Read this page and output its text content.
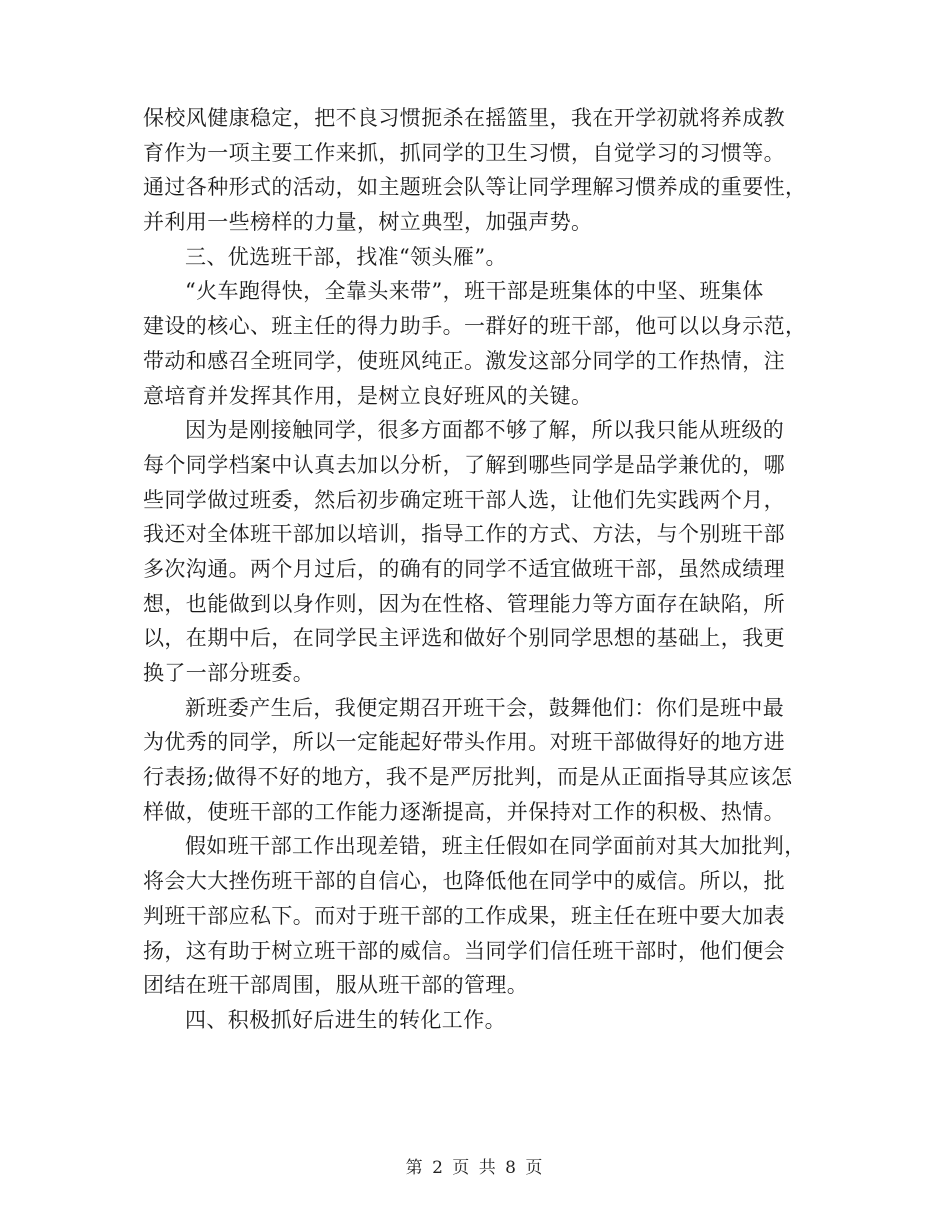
保校风健康稳定，把不良习惯扼杀在摇篮里，我在开学初就将养成教
育作为一项主要工作来抓，抓同学的卫生习惯，自觉学习的习惯等。
通过各种形式的活动，如主题班会队等让同学理解习惯养成的重要性，
并利用一些榜样的力量，树立典型，加强声势。
三、优选班干部，找准“领头雁”。
“火车跑得快，全靠头来带”，班干部是班集体的中坚、班集体
建设的核心、班主任的得力助手。一群好的班干部，他可以以身示范，
带动和感召全班同学，使班风纯正。激发这部分同学的工作热情，注
意培育并发挥其作用，是树立良好班风的关键。
因为是刚接触同学，很多方面都不够了解，所以我只能从班级的
每个同学档案中认真去加以分析，了解到哪些同学是品学兼优的，哪
些同学做过班委，然后初步确定班干部人选，让他们先实践两个月，
我还对全体班干部加以培训，指导工作的方式、方法，与个别班干部
多次沟通。两个月过后，的确有的同学不适宜做班干部，虽然成绩理
想，也能做到以身作则，因为在性格、管理能力等方面存在缺陷，所
以，在期中后，在同学民主评选和做好个别同学思想的基础上，我更
换了一部分班委。
新班委产生后，我便定期召开班干会，鼓舞他们：你们是班中最
为优秀的同学，所以一定能起好带头作用。对班干部做得好的地方进
行表扬;做得不好的地方，我不是严厉批判，而是从正面指导其应该怎
样做，使班干部的工作能力逐渐提高，并保持对工作的积极、热情。
假如班干部工作出现差错，班主任假如在同学面前对其大加批判，
将会大大挫伤班干部的自信心，也降低他在同学中的威信。所以，批
判班干部应私下。而对于班干部的工作成果，班主任在班中要大加表
扬，这有助于树立班干部的威信。当同学们信任班干部时，他们便会
团结在班干部周围，服从班干部的管理。
四、积极抓好后进生的转化工作。
第 2 页 共 8 页
